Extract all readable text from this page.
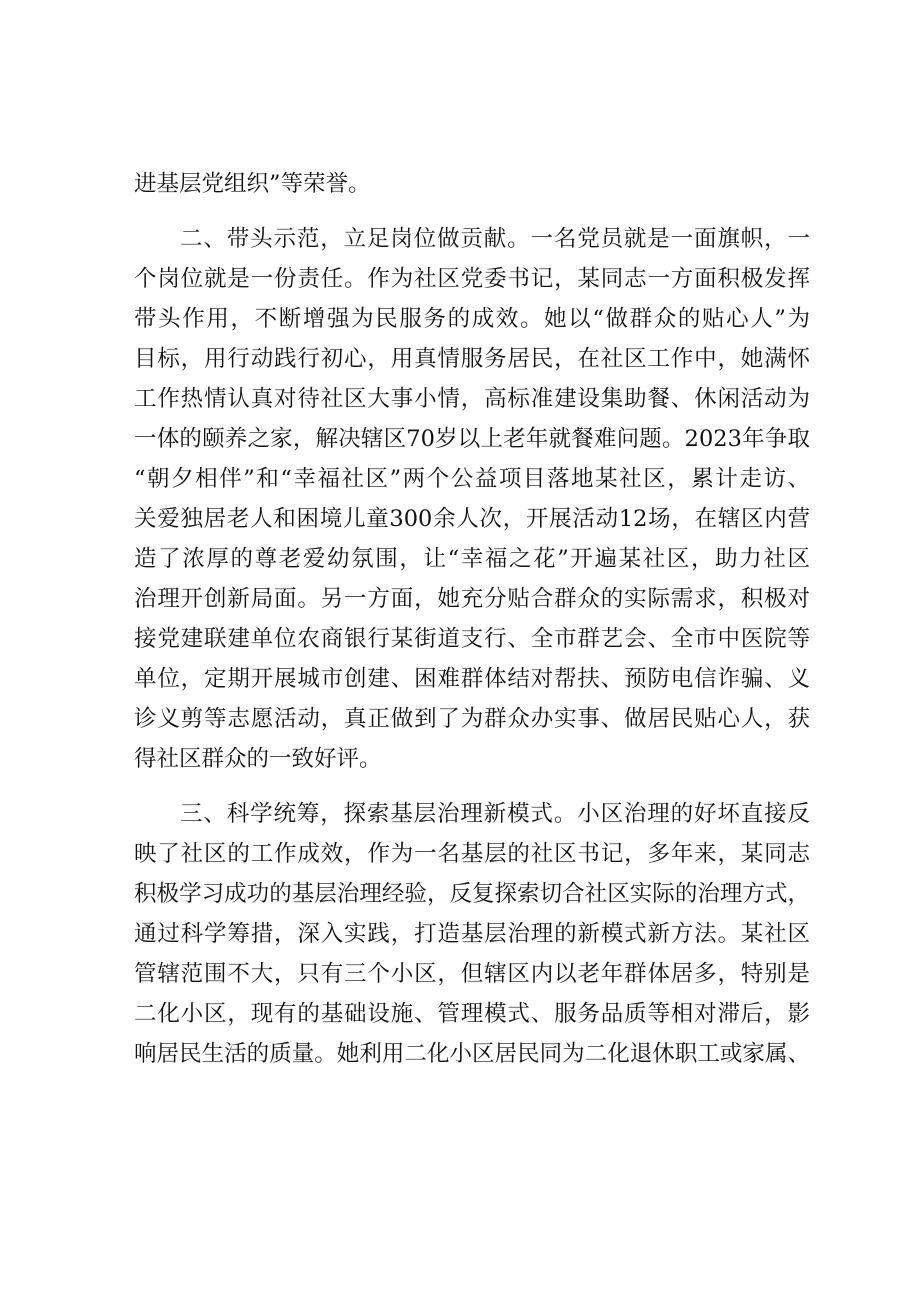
进基层党组织”等荣誉。
二、带头示范，立足岗位做贡献。一名党员就是一面旗帜，一
个岗位就是一份责任。作为社区党委书记，某同志一方面积极发挥
带头作用，不断增强为民服务的成效。她以“做群众的贴心人”为
目标，用行动践行初心，用真情服务居民，在社区工作中，她满怀
工作热情认真对待社区大事小情，高标准建设集助餐、休闲活动为
一体的颐养之家，解决辖区70岁以上老年就餐难问题。2023年争取
“朝夕相伴”和“幸福社区”两个公益项目落地某社区，累计走访、
关爱独居老人和困境儿童300余人次，开展活动12场，在辖区内营
造了浓厚的尊老爱幼氛围，让“幸福之花”开遍某社区，助力社区
治理开创新局面。另一方面，她充分贴合群众的实际需求，积极对
接党建联建单位农商银行某街道支行、全市群艺会、全市中医院等
单位，定期开展城市创建、困难群体结对帮扶、预防电信诈骗、义
诊义剪等志愿活动，真正做到了为群众办实事、做居民贴心人，获
得社区群众的一致好评。
三、科学统筹，探索基层治理新模式。小区治理的好坏直接反
映了社区的工作成效，作为一名基层的社区书记，多年来，某同志
积极学习成功的基层治理经验，反复探索切合社区实际的治理方式，
通过科学筹措，深入实践，打造基层治理的新模式新方法。某社区
管辖范围不大，只有三个小区，但辖区内以老年群体居多，特别是
二化小区，现有的基础设施、管理模式、服务品质等相对滞后，影
响居民生活的质量。她利用二化小区居民同为二化退休职工或家属、
